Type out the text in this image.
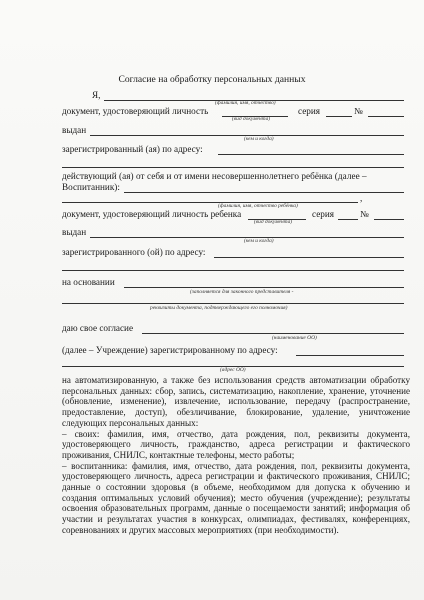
Согласие на обработку персональных данных
Я,
(фамилия, имя, отчество)
документ, удостоверяющий личность	серия	№
(вид документа)
выдан
(кем и когда)
зарегистрированный (ая) по адресу:
действующий (ая) от себя и от имени несовершеннолетнего ребёнка (далее –
Воспитанник):
,
(фамилия, имя, отчество ребёнка)
документ, удостоверяющий личность ребенка	серия	№
(вид документа)
выдан
(кем и когда)
зарегистрированного (ой) по адресу:
на основании
(заполняется для законного представителя -
реквизиты документа, подтверждающего его полномочия)
даю свое согласие
(наименование ОО)
(далее – Учреждение) зарегистрированному по адресу:
(адрес ОО)

на автоматизированную, а также без использования средств автоматизации обработку персональных данных: сбор, запись, систематизацию, накопление, хранение, уточнение (обновление, изменение), извлечение, использование, передачу (распространение, предоставление, доступ), обезличивание, блокирование, удаление, уничтожение следующих персональных данных:

– своих: фамилия, имя, отчество, дата рождения, пол, реквизиты документа, удостоверяющего личность, гражданство, адреса регистрации и фактического проживания, СНИЛС, контактные телефоны, место работы;

– воспитанника: фамилия, имя, отчество, дата рождения, пол, реквизиты документа, удостоверяющего личность, адреса регистрации и фактического проживания, СНИЛС; данные о состоянии здоровья (в объеме, необходимом для допуска к обучению и создания оптимальных условий обучения); место обучения (учреждение); результаты освоения образовательных программ, данные о посещаемости занятий; информация об участии и результатах участия в конкурсах, олимпиадах, фестивалях, конференциях, соревнованиях и других массовых мероприятиях (при необходимости).
